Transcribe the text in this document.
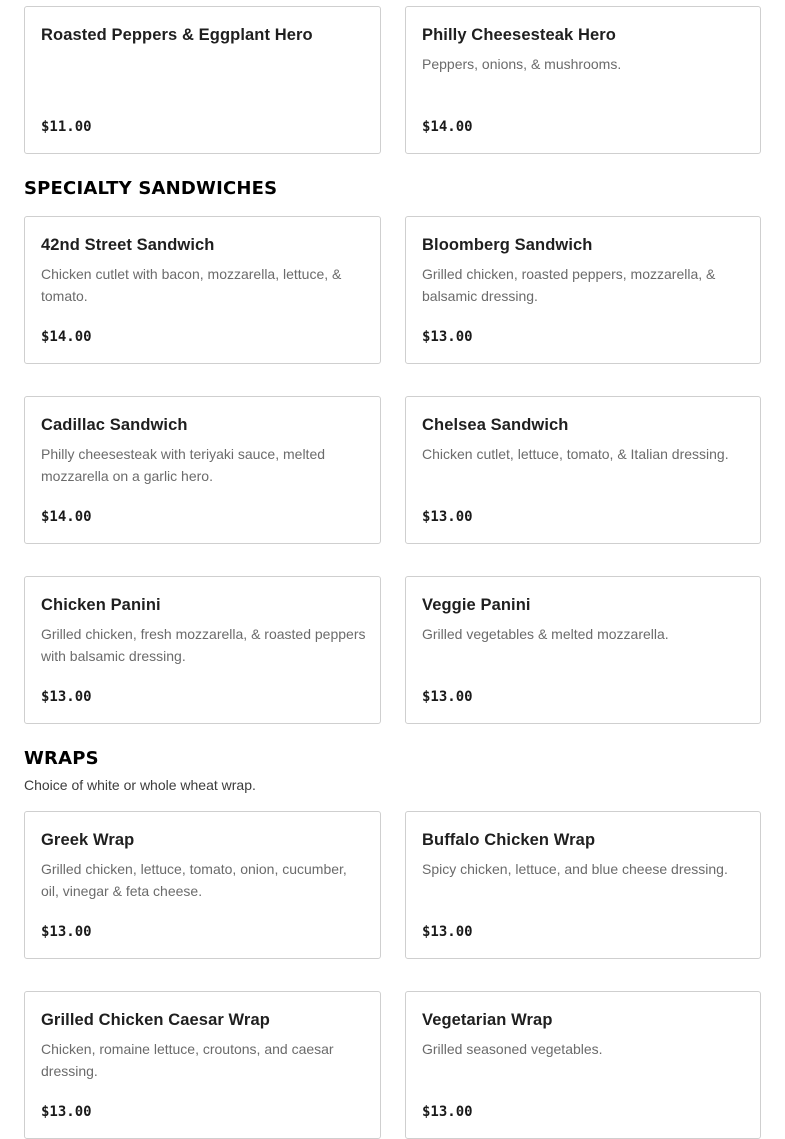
Roasted Peppers & Eggplant Hero
$11.00
Philly Cheesesteak Hero
Peppers, onions, & mushrooms.
$14.00
SPECIALTY SANDWICHES
42nd Street Sandwich
Chicken cutlet with bacon, mozzarella, lettuce, & tomato.
$14.00
Bloomberg Sandwich
Grilled chicken, roasted peppers, mozzarella, & balsamic dressing.
$13.00
Cadillac Sandwich
Philly cheesesteak with teriyaki sauce, melted mozzarella on a garlic hero.
$14.00
Chelsea Sandwich
Chicken cutlet, lettuce, tomato, & Italian dressing.
$13.00
Chicken Panini
Grilled chicken, fresh mozzarella, & roasted peppers with balsamic dressing.
$13.00
Veggie Panini
Grilled vegetables & melted mozzarella.
$13.00
WRAPS

Choice of white or whole wheat wrap.

Greek Wrap
Grilled chicken, lettuce, tomato, onion, cucumber, oil, vinegar & feta cheese.
$13.00
Buffalo Chicken Wrap
Spicy chicken, lettuce, and blue cheese dressing.
$13.00
Grilled Chicken Caesar Wrap
Chicken, romaine lettuce, croutons, and caesar dressing.
$13.00
Vegetarian Wrap
Grilled seasoned vegetables.
$13.00
